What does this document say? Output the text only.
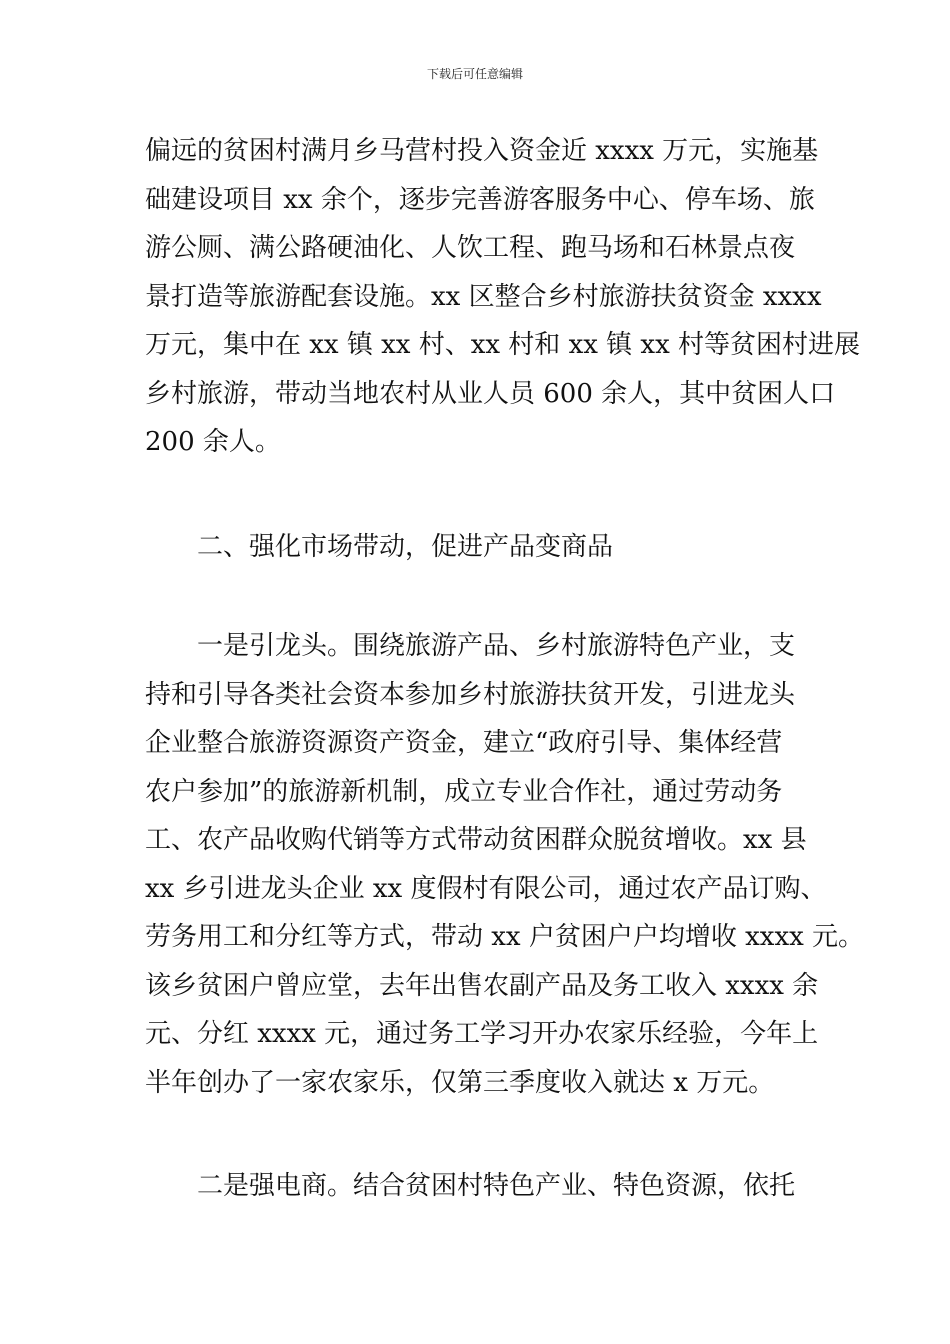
下载后可任意编辑
偏远的贫困村满月乡马营村投入资金近 xxxx 万元，实施基
础建设项目 xx 余个，逐步完善游客服务中心、停车场、旅
游公厕、满公路硬油化、人饮工程、跑马场和石林景点夜
景打造等旅游配套设施。xx 区整合乡村旅游扶贫资金 xxxx
万元，集中在 xx 镇 xx 村、xx 村和 xx 镇 xx 村等贫困村进展
乡村旅游，带动当地农村从业人员 600 余人，其中贫困人口
200 余人。
二、强化市场带动，促进产品变商品
一是引龙头。围绕旅游产品、乡村旅游特色产业，支
持和引导各类社会资本参加乡村旅游扶贫开发，引进龙头
企业整合旅游资源资产资金，建立“政府引导、集体经营
农户参加”的旅游新机制，成立专业合作社，通过劳动务
工、农产品收购代销等方式带动贫困群众脱贫增收。xx 县
xx 乡引进龙头企业 xx 度假村有限公司，通过农产品订购、
劳务用工和分红等方式，带动 xx 户贫困户户均增收 xxxx 元。
该乡贫困户曾应堂，去年出售农副产品及务工收入 xxxx 余
元、分红 xxxx 元，通过务工学习开办农家乐经验，今年上
半年创办了一家农家乐，仅第三季度收入就达 x 万元。
二是强电商。结合贫困村特色产业、特色资源，依托
